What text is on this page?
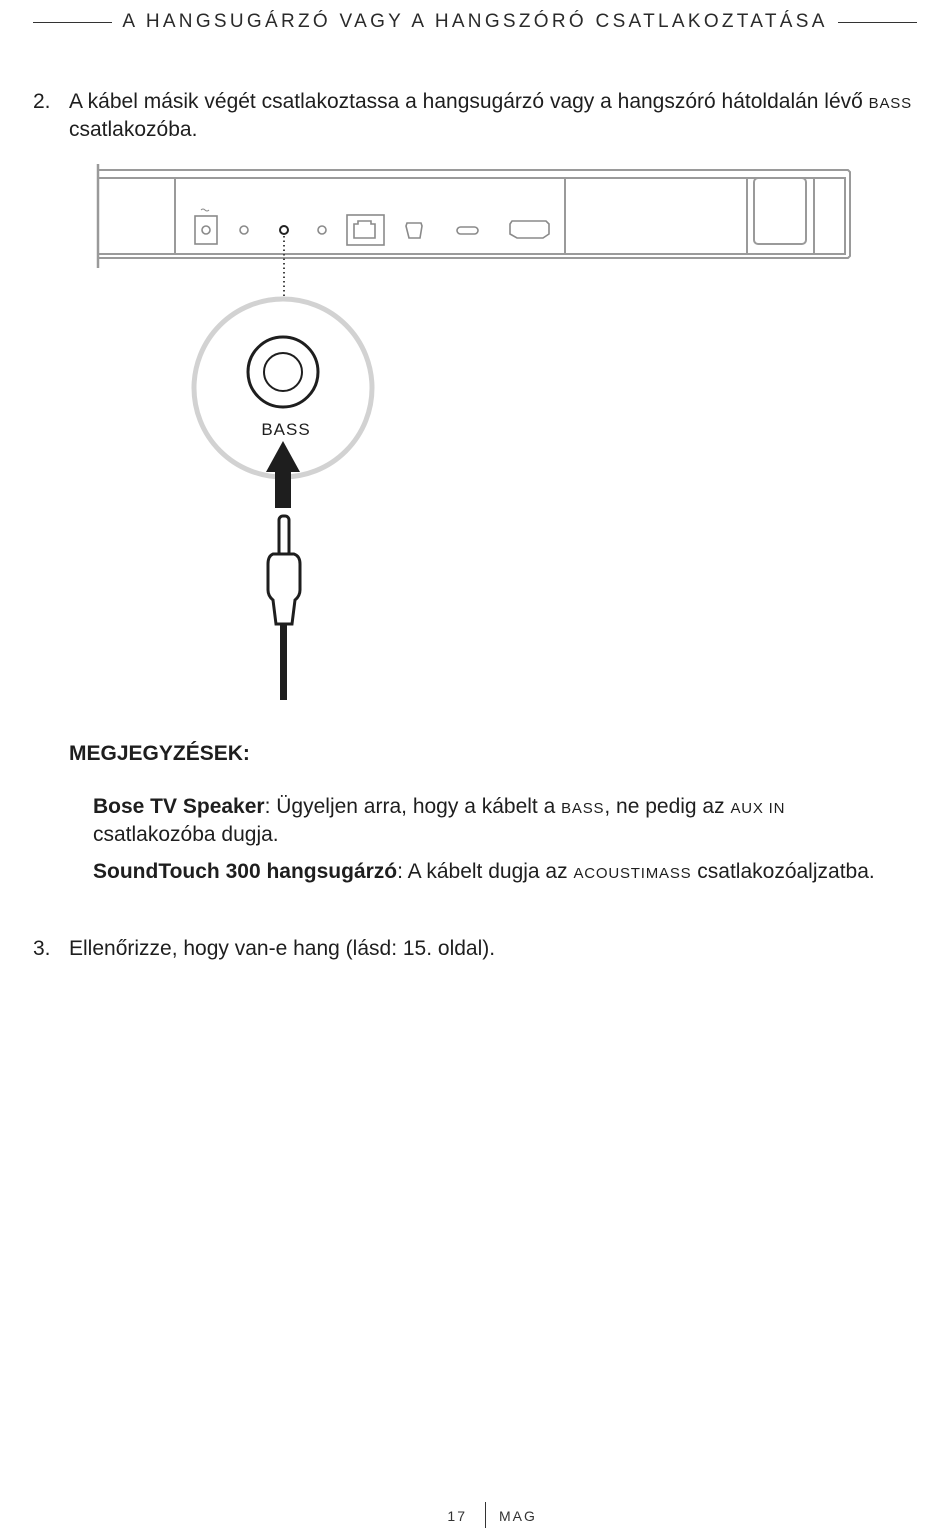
A HANGSUGÁRZÓ VAGY A HANGSZÓRÓ CSATLAKOZTATÁSA
2. A kábel másik végét csatlakoztassa a hangsugárzó vagy a hangszóró hátoldalán lévő BASS csatlakozóba.
BASS
MEGJEGYZÉSEK:
Bose TV Speaker: Ügyeljen arra, hogy a kábelt a BASS, ne pedig az AUX IN csatlakozóba dugja.
SoundTouch 300 hangsugárzó: A kábelt dugja az ACOUSTIMASS csatlakozóaljzatba.
3. Ellenőrizze, hogy van-e hang (lásd: 15. oldal).
17 MAG
